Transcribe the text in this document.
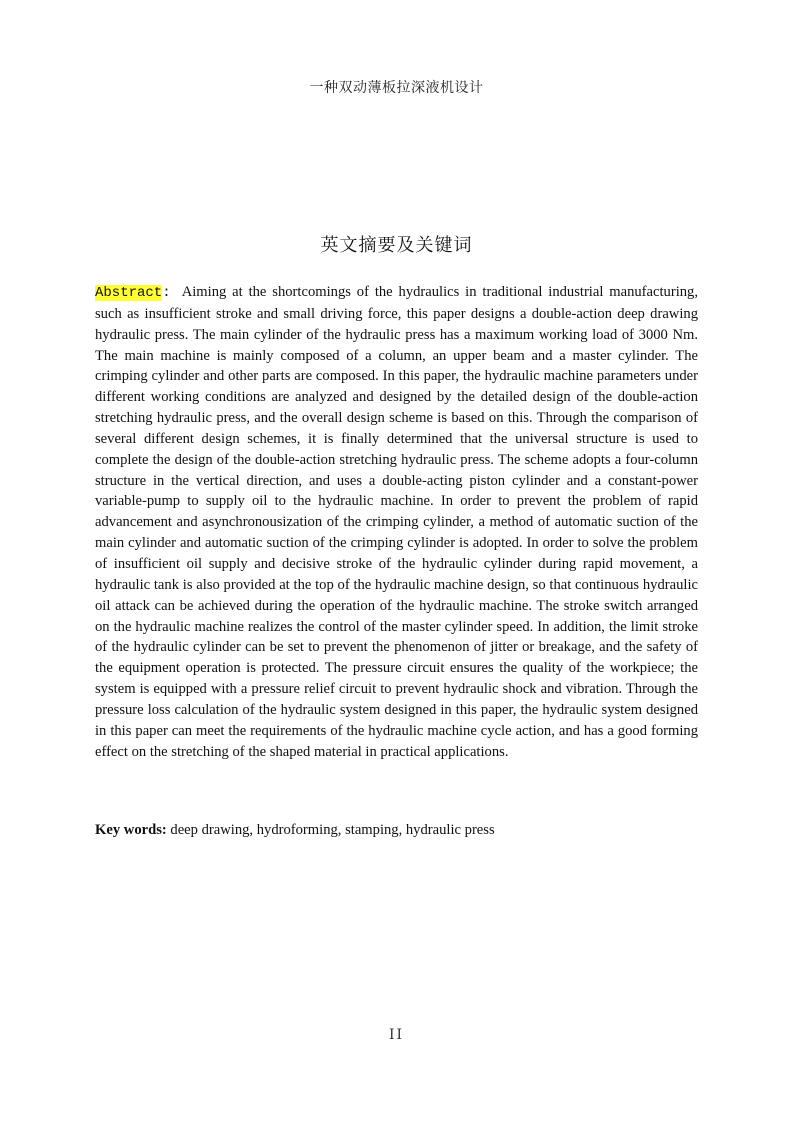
一种双动薄板拉深液机设计
英文摘要及关键词
Abstract: Aiming at the shortcomings of the hydraulics in traditional industrial manufacturing, such as insufficient stroke and small driving force, this paper designs a double-action deep drawing hydraulic press. The main cylinder of the hydraulic press has a maximum working load of 3000 Nm. The main machine is mainly composed of a column, an upper beam and a master cylinder. The crimping cylinder and other parts are composed. In this paper, the hydraulic machine parameters under different working conditions are analyzed and designed by the detailed design of the double-action stretching hydraulic press, and the overall design scheme is based on this. Through the comparison of several different design schemes, it is finally determined that the universal structure is used to complete the design of the double-action stretching hydraulic press. The scheme adopts a four-column structure in the vertical direction, and uses a double-acting piston cylinder and a constant-power variable-pump to supply oil to the hydraulic machine. In order to prevent the problem of rapid advancement and asynchronousization of the crimping cylinder, a method of automatic suction of the main cylinder and automatic suction of the crimping cylinder is adopted. In order to solve the problem of insufficient oil supply and decisive stroke of the hydraulic cylinder during rapid movement, a hydraulic tank is also provided at the top of the hydraulic machine design, so that continuous hydraulic oil attack can be achieved during the operation of the hydraulic machine. The stroke switch arranged on the hydraulic machine realizes the control of the master cylinder speed. In addition, the limit stroke of the hydraulic cylinder can be set to prevent the phenomenon of jitter or breakage, and the safety of the equipment operation is protected. The pressure circuit ensures the quality of the workpiece; the system is equipped with a pressure relief circuit to prevent hydraulic shock and vibration. Through the pressure loss calculation of the hydraulic system designed in this paper, the hydraulic system designed in this paper can meet the requirements of the hydraulic machine cycle action, and has a good forming effect on the stretching of the shaped material in practical applications.
Key words: deep drawing, hydroforming, stamping, hydraulic press
II
